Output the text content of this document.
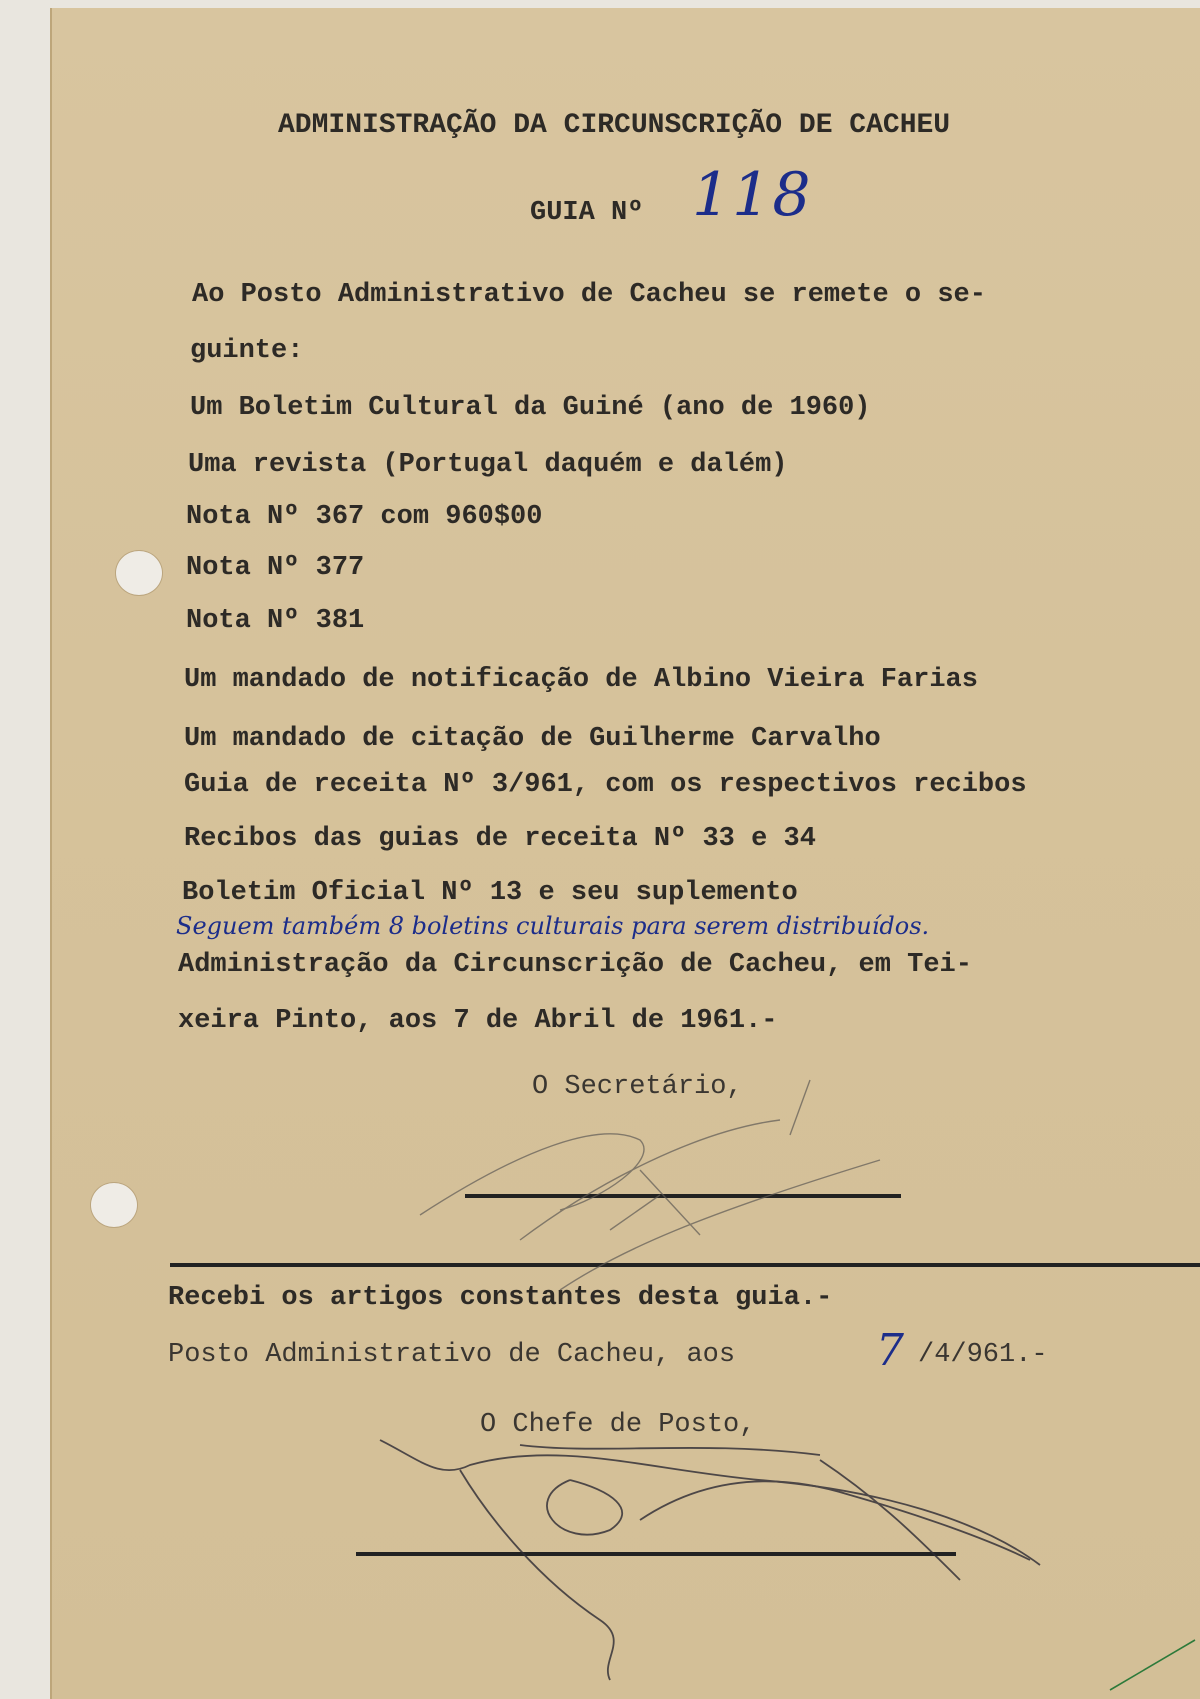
ADMINISTRAÇÃO DA CIRCUNSCRIÇÃO DE CACHEU
GUIA Nº 118
Ao Posto Administrativo de Cacheu se remete o se-
guinte:
Um Boletim Cultural da Guiné (ano de 1960)
Uma revista (Portugal daquém e dalém)
Nota Nº 367 com 960$00
Nota Nº 377
Nota Nº 381
Um mandado de notificação de Albino Vieira Farias
Um mandado de citação de Guilherme Carvalho
Guia de receita Nº 3/961, com os respectivos recibos
Recibos das guias de receita Nº 33 e 34
Boletim Oficial Nº 13 e seu suplemento
Seguem também 8 boletins culturais para serem distribuídos.
Administração da Circunscrição de Cacheu, em Tei-
xeira Pinto, aos 7 de Abril de 1961.-
O Secretário,
Recebi os artigos constantes desta guia.-
Posto Administrativo de Cacheu, aos	7 /4/961.-
O Chefe de Posto,
